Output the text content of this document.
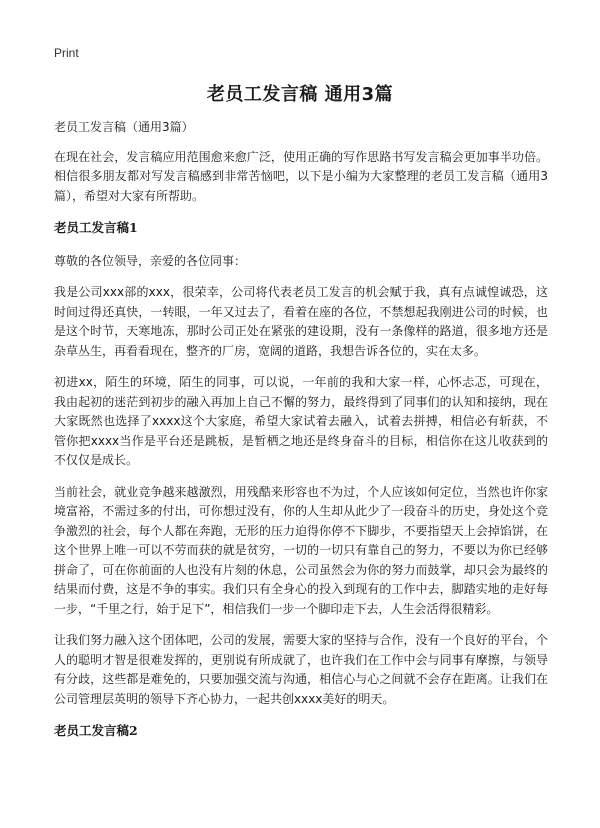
Print
老员工发言稿 通用3篇

老员工发言稿（通用3篇）

在现在社会，发言稿应用范围愈来愈广泛，使用正确的写作思路书写发言稿会更加事半功倍。相信很多朋友都对写发言稿感到非常苦恼吧，以下是小编为大家整理的老员工发言稿（通用3篇），希望对大家有所帮助。

老员工发言稿1

尊敬的各位领导，亲爱的各位同事：

我是公司xxx部的xxx，很荣幸，公司将代表老员工发言的机会赋于我，真有点诚惶诚恐，这时间过得还真快，一转眼，一年又过去了，看着在座的各位，不禁想起我刚进公司的时候，也是这个时节，天寒地冻，那时公司正处在紧张的建设期，没有一条像样的路道，很多地方还是杂草丛生，再看看现在，整齐的厂房，宽阔的道路，我想告诉各位的，实在太多。

初进xx，陌生的环境，陌生的同事，可以说，一年前的我和大家一样，心怀忐忑，可现在，我由起初的迷茫到初步的融入再加上自己不懈的努力，最终得到了同事们的认知和接纳，现在大家既然也选择了xxxx这个大家庭，希望大家试着去融入，试着去拼搏，相信必有斩获，不管你把xxxx当作是平台还是跳板，是暂栖之地还是终身奋斗的目标，相信你在这儿收获到的不仅仅是成长。

当前社会，就业竞争越来越激烈，用残酷来形容也不为过，个人应该如何定位，当然也许你家境富裕，不需过多的付出，可你想过没有，你的人生却从此少了一段奋斗的历史，身处这个竞争激烈的社会，每个人都在奔跑，无形的压力迫得你停不下脚步，不要指望天上会掉馅饼，在这个世界上唯一可以不劳而获的就是贫穷，一切的一切只有靠自己的努力，不要以为你已经够拼命了，可在你前面的人也没有片刻的休息，公司虽然会为你的努力而鼓掌，却只会为最终的结果而付费，这是不争的事实。我们只有全身心的投入到现有的工作中去，脚踏实地的走好每一步，“千里之行，始于足下”，相信我们一步一个脚印走下去，人生会活得很精彩。

让我们努力融入这个团体吧，公司的发展，需要大家的坚持与合作，没有一个良好的平台，个人的聪明才智是很难发挥的，更别说有所成就了，也许我们在工作中会与同事有摩擦，与领导有分歧，这些都是难免的，只要加强交流与沟通，相信心与心之间就不会存在距离。让我们在公司管理层英明的领导下齐心协力，一起共创xxxx美好的明天。

老员工发言稿2
